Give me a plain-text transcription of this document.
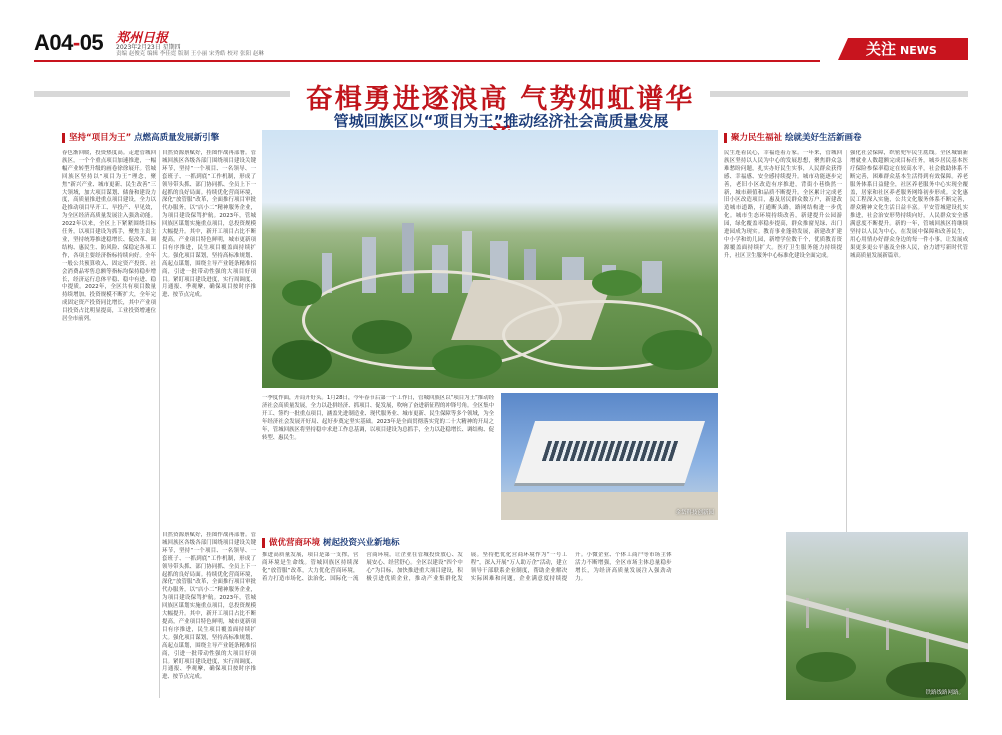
A04-05 郑州日报
2023年2月23日 星期四
责编 赵俊克 编辑 李佳霓 版制 王小丽 宋秀皓 校对 张阳 赵琳	关注 NEWS
奋楫勇进逐浪高 气势如虹谱华
管城回族区以“项目为王”推动经济社会高质量发展
坚持“项目为王” 点燃高质量发展新引擎
春色渐回暖，投资热度高。走进管城回族区，一个个重点项目加速推进，一幅幅产业转型升级的画卷徐徐展开。管城回族区坚持以“项目为王”理念，聚焦“新兴产业、城市更新、民生改善”三大领域，加大项目谋划、储备和建设力度，高质量推进重点项目建设，全力以赴推动项目早开工、早投产、早见效，为全区经济高质量发展注入强劲动能。2022年以来，全区上下紧紧围绕目标任务，以项目建设为抓手，聚焦主责主业，坚持统筹推进稳增长、促改革、调结构、惠民生、防风险、保稳定各项工作，各项主要经济指标持续向好。全年一般公共预算收入、固定资产投资、社会消费品零售总额等指标均保持稳步增长，经济运行总体平稳、稳中有进、稳中提质。2022年，全区共有项目数量持续增加，投资规模不断扩大，全年完成固定资产投资同比增长，其中产业项目投资占比明显提高，工业投资增速位居全市前列。
自然资源禀赋好，挂图作战再部署。管城回族区各级各部门围绕项目建设关键环节，坚持“一个项目、一名领导、一套班子、一抓到底”工作机制，形成了领导带头抓、部门协同抓、全员上下一起抓的良好局面。持续优化营商环境，深化“放管服”改革，全面推行项目审批代办服务，以“店小二”精神服务企业，为项目建设保驾护航。2023年，管城回族区谋划实施重点项目，总投资规模大幅提升。其中，新开工项目占比不断提高，产业项目特色鲜明，城市更新项目有序推进，民生项目覆盖面持续扩大。强化项目谋划，坚持高标准规划、高起点谋划，围绕主导产业链条精准招商，引进一批带动性强的大项目好项目。紧盯项目建设进度，实行周调度、月通报、季观摩，确保项目按时序推进、按节点完成。
一季度作面，开局开好头。1月28日，今年春节后第一个工作日，管城回族区以“项目为王”推动经济社会高质量发展，全力以赴拼经济、抓项目、促发展，吹响了奋进新征程的冲锋号角。全区集中开工、签约一批重点项目，涵盖先进制造业、现代服务业、城市更新、民生保障等多个领域，为全年经济社会发展开好局、起好步奠定坚实基础。2023年是全面贯彻落实党的二十大精神的开局之年，管城回族区将坚持稳中求进工作总基调，以项目建设为总抓手，全力以赴稳增长、调结构、促转型、惠民生。
金岱科技创新园
做优营商环境 树起投资兴业新地标
自然资源禀赋好，挂图作战再部署。管城回族区各级各部门围绕项目建设关键环节，坚持“一个项目、一名领导、一套班子、一抓到底”工作机制，形成了领导带头抓、部门协同抓、全员上下一起抓的良好局面。持续优化营商环境，深化“放管服”改革，全面推行项目审批代办服务，以“店小二”精神服务企业，为项目建设保驾护航。2023年，管城回族区谋划实施重点项目，总投资规模大幅提升。其中，新开工项目占比不断提高，产业项目特色鲜明，城市更新项目有序推进，民生项目覆盖面持续扩大。强化项目谋划，坚持高标准规划、高起点谋划，围绕主导产业链条精准招商，引进一批带动性强的大项目好项目。紧盯项目建设进度，实行周调度、月通报、季观摩，确保项目按时序推进、按节点完成。
推进高质量发展，项目是第一支撑，营商环境是生命线。管城回族区持续深化“放管服”改革，大力优化营商环境，着力打造市场化、法治化、国际化一流营商环境，让企业在管城投资放心、发展安心、经营舒心。全区以建设“四个中心”为目标，加快推进重大项目建设，积极引进优质企业，推动产业集群化发展。坚持把优化营商环境作为“一号工程”，深入开展“万人助万企”活动，建立领导干部联系企业制度，帮助企业解决实际困难和问题，企业满意度持续提升。小微企业、个体工商户等市场主体活力不断增强，全区市场主体总量稳步增长，为经济高质量发展注入强劲动力。
聚力民生福祉 绘就美好生活新画卷
民生连着民心，幸福连着万家。一年来，管城回族区坚持以人民为中心的发展思想，聚焦群众急难愁盼问题，扎实办好民生实事，人民群众获得感、幸福感、安全感持续提升。城市功能逐步完善，老旧小区改造有序推进，背街小巷焕然一新，城市颜值和品质不断提升。全区累计完成老旧小区改造项目，惠及居民群众数万户，新建改造城市道路，打通断头路，路网结构进一步优化。城市生态环境持续改善，新建提升公园游园，绿化覆盖率稳步提高，群众推窗见绿、出门进园成为现实。教育事业蓬勃发展，新建改扩建中小学和幼儿园，新增学位数千个，优质教育资源覆盖面持续扩大。医疗卫生服务能力持续提升，社区卫生服务中心标准化建设全面完成。
强化社会保障，织密兜牢民生底线。全区城镇新增就业人数超额完成目标任务，城乡居民基本医疗保险参保率稳定在较高水平，社会救助体系不断完善，困难群众基本生活得到有效保障。养老服务体系日益健全，社区养老服务中心实现全覆盖，居家和社区养老服务网络初步形成。文化惠民工程深入实施，公共文化服务体系不断完善，群众精神文化生活日益丰富。平安管城建设扎实推进，社会治安形势持续向好，人民群众安全感满意度不断提升。新的一年，管城回族区将继续坚持以人民为中心，在发展中保障和改善民生，用心用情办好群众身边的每一件小事，让发展成果更多更公平惠及全体人民，奋力谱写新时代管城高质量发展新篇章。
铁路线路网路。
